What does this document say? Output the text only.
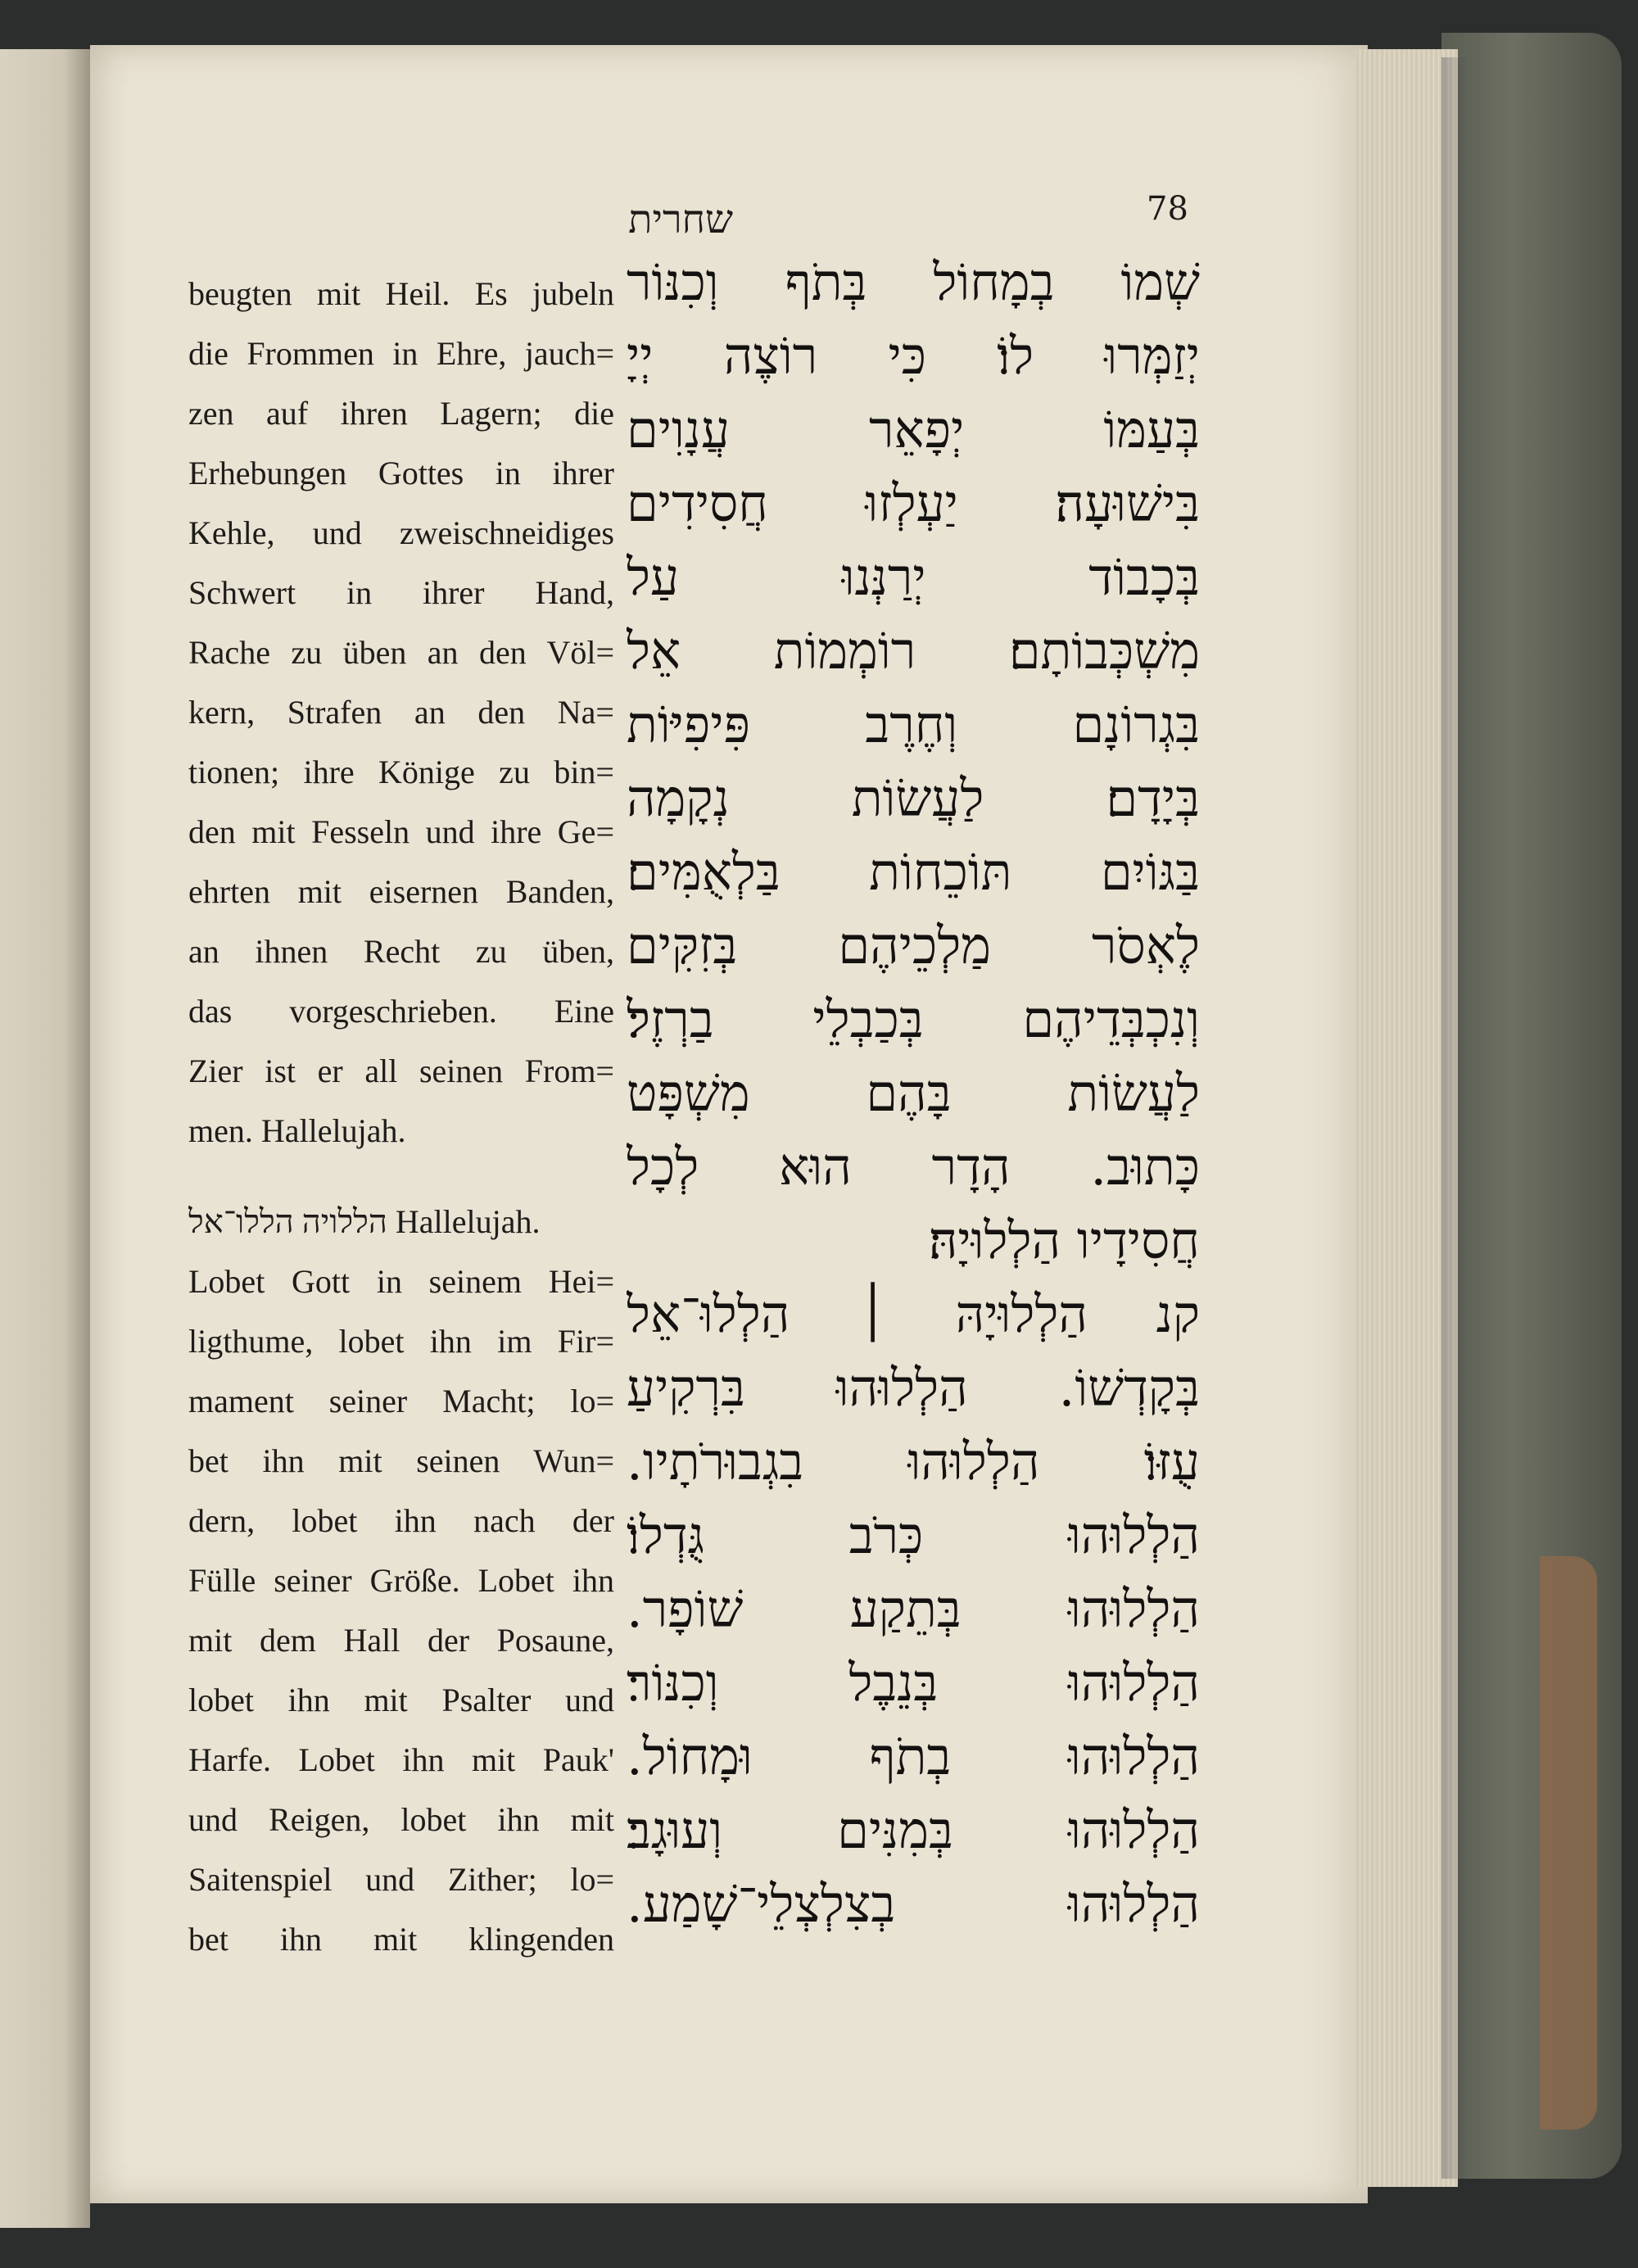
שחרית	78
beugten mit Heil. Es jubeln
die Frommen in Ehre, jauch=
zen auf ihren Lagern; die
Erhebungen Gottes in ihrer
Kehle, und zweischneidiges
Schwert in ihrer Hand,
Rache zu üben an den Völ=
kern, Strafen an den Na=
tionen; ihre Könige zu bin=
den mit Fesseln und ihre Ge=
ehrten mit eisernen Banden,
an ihnen Recht zu üben,
das vorgeschrieben. Eine
Zier ist er all seinen From=
men. Hallelujah.
הללויה הללו־אל Hallelujah.
Lobet Gott in seinem Hei=
ligthume, lobet ihn im Fir=
mament seiner Macht; lo=
bet ihn mit seinen Wun=
dern, lobet ihn nach der
Fülle seiner Größe. Lobet ihn
mit dem Hall der Posaune,
lobet ihn mit Psalter und
Harfe. Lobet ihn mit Pauk'
und Reigen, lobet ihn mit
Saitenspiel und Zither; lo=
bet ihn mit klingenden
שְׁמוֹ בְמָחוֹל בְּתֹף וְכִנּוֹר
יְזַמְּרוּ לוֹ׃ כִּי רוֹצֶה יְיָ
בְּעַמּוֹ יְפָאֵר עֲנָוִים
בִּישׁוּעָה׃ יַעְלְזוּ חֲסִידִים
בְּכָבוֹד יְרַנְּנוּ עַל
מִשְׁכְּבוֹתָם׃ רוֹמְמוֹת אֵל
בִּגְרוֹנָם וְחֶרֶב פִּיפִיּוֹת
בְּיָדָם׃ לַעֲשׂוֹת נְקָמָה
בַּגּוֹיִם תּוֹכֵחוֹת בַּלְאֻמִּים׃
לֶאְסֹר מַלְכֵיהֶם בְּזִקִּים
וְנִכְבְּדֵיהֶם בְּכַבְלֵי בַרְזֶל׃
לַעֲשׂוֹת בָּהֶם מִשְׁפָּט
כָּתוּב. הָדָר הוּא לְכָל
חֲסִידָיו הַלְלוּיָהּ׃
קנ הַלְלוּיָהּ ׀ הַלְלוּ־אֵל
בְּקָדְשׁוֹ. הַלְלוּהוּ בִּרְקִיעַ
עֻזּוֹ׃ הַלְלוּהוּ בִגְבוּרֹתָיו.
הַלְלוּהוּ כְּרֹב גֻּדְלוֹ׃
הַלְלוּהוּ בְּתֵקַע שׁוֹפָר.
הַלְלוּהוּ בְּנֵבֶל וְכִנּוֹר׃
הַלְלוּהוּ בְתֹף וּמָחוֹל.
הַלְלוּהוּ בְּמִנִּים וְעוּגָב׃
הַלְלוּהוּ בְצִלְצְלֵי־שָׁמַע.
